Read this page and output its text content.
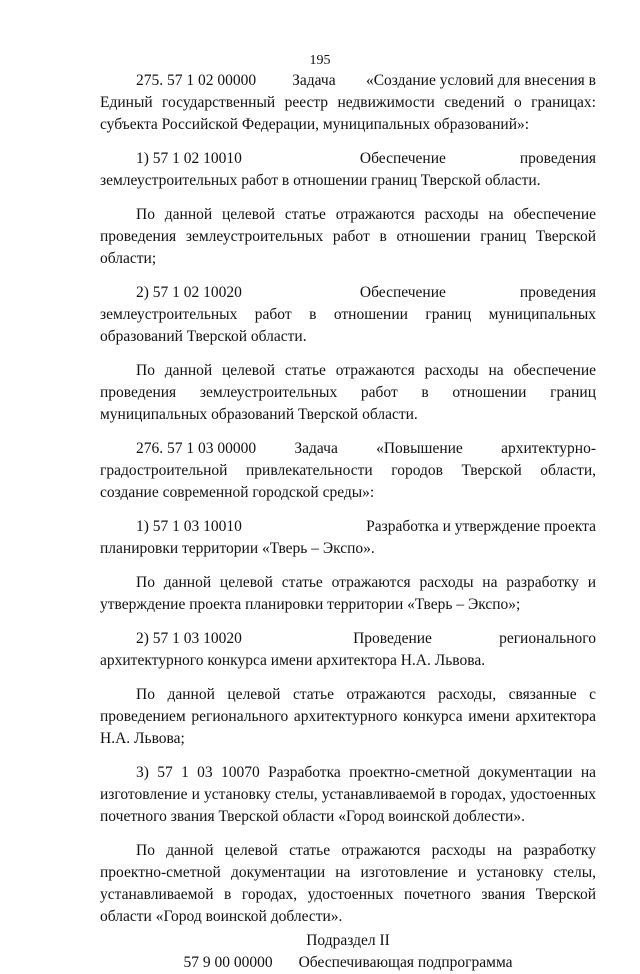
195
275. 57 1 02 00000 Задача «Создание условий для внесения в

Единый государственный реестр недвижимости сведений о границах: субъекта Российской Федерации, муниципальных образований»:

1) 57 1 02 10010	Обеспечение	проведения

землеустроительных работ в отношении границ Тверской области.

По данной целевой статье отражаются расходы на обеспечение проведения землеустроительных работ в отношении границ Тверской области;

2) 57 1 02 10020	Обеспечение	проведения

землеустроительных работ в отношении границ муниципальных образований Тверской области.

По данной целевой статье отражаются расходы на обеспечение проведения землеустроительных работ в отношении границ муниципальных образований Тверской области.

276. 57 1 03 00000 Задача «Повышение архитектурно-

градостроительной привлекательности городов Тверской области, создание современной городской среды»:

1) 57 1 03 10010	Разработка и утверждение проекта

планировки территории «Тверь – Экспо».

По данной целевой статье отражаются расходы на разработку и утверждение проекта планировки территории «Тверь – Экспо»;

2) 57 1 03 10020	Проведение	регионального

архитектурного конкурса имени архитектора Н.А. Львова.

По данной целевой статье отражаются расходы, связанные с проведением регионального архитектурного конкурса имени архитектора Н.А. Львова;

3) 57 1 03 10070 Разработка проектно-сметной документации на изготовление и установку стелы, устанавливаемой в городах, удостоенных почетного звания Тверской области «Город воинской доблести».

По данной целевой статье отражаются расходы на разработку проектно-сметной документации на изготовление и установку стелы, устанавливаемой в городах, удостоенных почетного звания Тверской области «Город воинской доблести».

Подраздел II
57 9 00 00000 Обеспечивающая подпрограмма
